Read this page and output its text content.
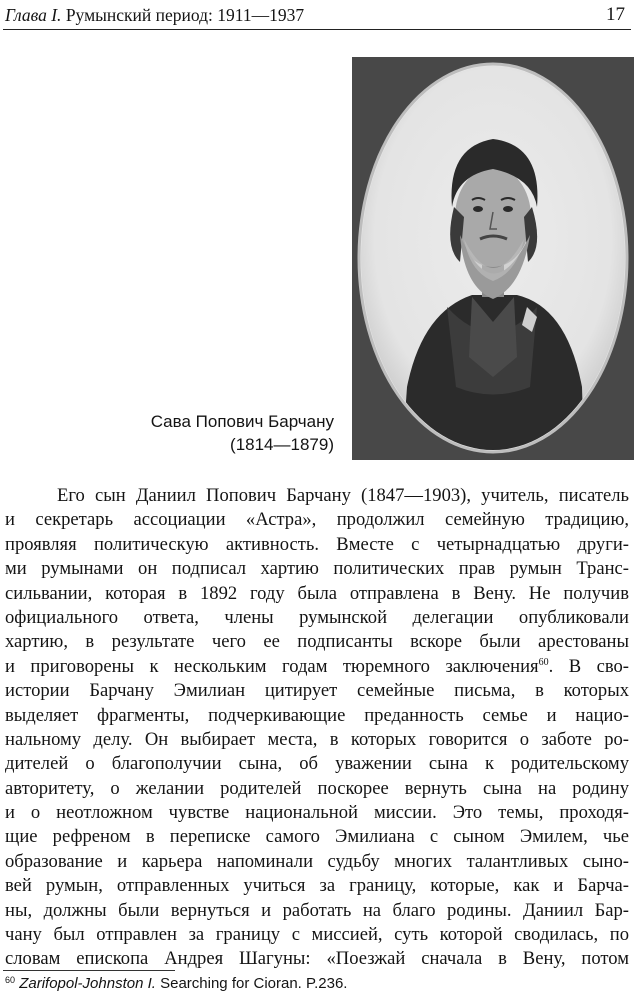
Глава I. Румынский период: 1911—1937	17
Сава Попович Барчану
(1814—1879)
Его сын Даниил Попович Барчану (1847—1903), учитель, писатель
и секретарь ассоциации «Астра», продолжил семейную традицию,
проявляя политическую активность. Вместе с четырнадцатью други-
ми румынами он подписал хартию политических прав румын Транс-
сильвании, которая в 1892 году была отправлена в Вену. Не получив
официального ответа, члены румынской делегации опубликовали
хартию, в результате чего ее подписанты вскоре были арестованы
и приговорены к нескольким годам тюремного заключения$^{60}$. В сво-
истории Барчану Эмилиан цитирует семейные письма, в которых
выделяет фрагменты, подчеркивающие преданность семье и нацио-
нальному делу. Он выбирает места, в которых говорится о заботе ро-
дителей о благополучии сына, об уважении сына к родительскому
авторитету, о желании родителей поскорее вернуть сына на родину
и о неотложном чувстве национальной миссии. Это темы, проходя-
щие рефреном в переписке самого Эмилиана с сыном Эмилем, чье
образование и карьера напоминали судьбу многих талантливых сыно-
вей румын, отправленных учиться за границу, которые, как и Барча-
ны, должны были вернуться и работать на благо родины. Даниил Бар-
чану был отправлен за границу с миссией, суть которой сводилась, по
словам епископа Андрея Шагуны: «Поезжай сначала в Вену, потом
$^{60}$ Zarifopol-Johnston I. Searching for Cioran. P.236.
